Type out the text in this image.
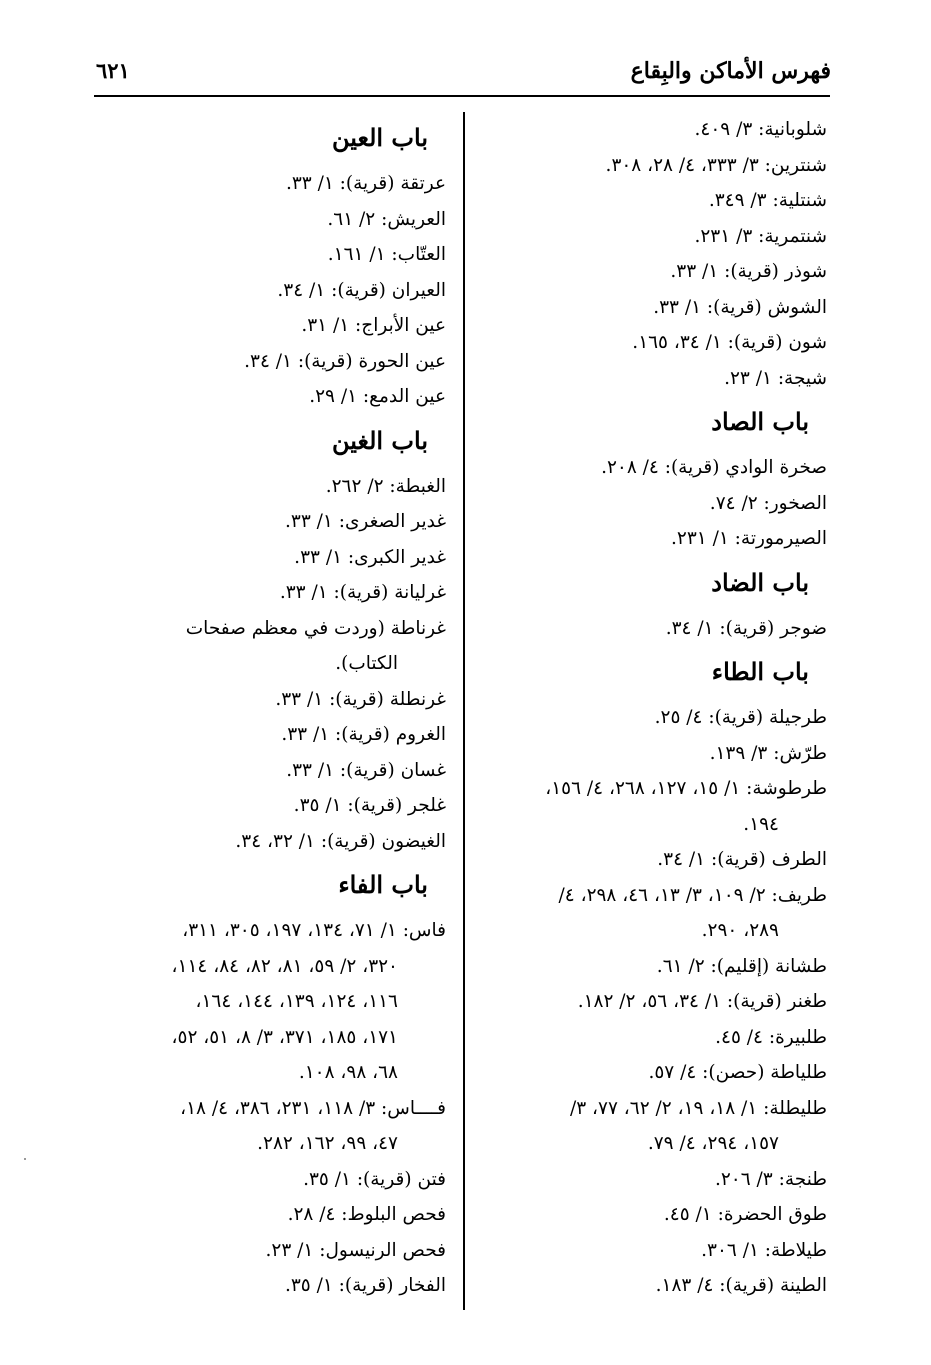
فهرس الأماكن والبِقاع
٦٢١
شلوبانية: ٣/ ٤٠٩.
شنترين: ٣/ ٣٣٣، ٤/ ٢٨، ٣٠٨.
شنتلية: ٣/ ٣٤٩.
شنتمرية: ٣/ ٢٣١.
شوذر (قرية): ١/ ٣٣.
الشوش (قرية): ١/ ٣٣.
شون (قرية): ١/ ٣٤، ١٦٥.
شيجة: ١/ ٢٣.
باب الصاد
صخرة الوادي (قرية): ٤/ ٢٠٨.
الصخور: ٢/ ٧٤.
الصيرمورتة: ١/ ٢٣١.
باب الضاد
ضوجر (قرية): ١/ ٣٤.
باب الطاء
طرجيلة (قرية): ٤/ ٢٥.
طرّش: ٣/ ١٣٩.
طرطوشة: ١/ ١٥، ١٢٧، ٢٦٨، ٤/ ١٥٦،
١٩٤.
الطرف (قرية): ١/ ٣٤.
طريف: ٢/ ١٠٩، ٣/ ١٣، ٤٦، ٢٩٨، ٤/
٢٨٩، ٢٩٠.
طشانة (إقليم): ٢/ ٦١.
طغنر (قرية): ١/ ٣٤، ٥٦، ٢/ ١٨٢.
طلبيرة: ٤/ ٤٥.
طلياطة (حصن): ٤/ ٥٧.
طليطلة: ١/ ١٨، ١٩، ٢/ ٦٢، ٧٧، ٣/
١٥٧، ٢٩٤، ٤/ ٧٩.
طنجة: ٣/ ٢٠٦.
طوق الحضرة: ١/ ٤٥.
طيلاطة: ١/ ٣٠٦.
الطينة (قرية): ٤/ ١٨٣.
باب العين
عرتقة (قرية): ١/ ٣٣.
العريش: ٢/ ٦١.
العتّاب: ١/ ١٦١.
العيران (قرية): ١/ ٣٤.
عين الأبراج: ١/ ٣١.
عين الحورة (قرية): ١/ ٣٤.
عين الدمع: ١/ ٢٩.
باب الغين
الغبطة: ٢/ ٢٦٢.
غدير الصغرى: ١/ ٣٣.
غدير الكبرى: ١/ ٣٣.
غرليانة (قرية): ١/ ٣٣.
غرناطة (وردت في معظم صفحات
الكتاب).
غرنطلة (قرية): ١/ ٣٣.
الغروم (قرية): ١/ ٣٣.
غسان (قرية): ١/ ٣٣.
غلجر (قرية): ١/ ٣٥.
الغيضون (قرية): ١/ ٣٢، ٣٤.
باب الفاء
فاس: ١/ ٧١، ١٣٤، ١٩٧، ٣٠٥، ٣١١،
٣٢٠، ٢/ ٥٩، ٨١، ٨٢، ٨٤، ١١٤،
١١٦، ١٢٤، ١٣٩، ١٤٤، ١٦٤،
١٧١، ١٨٥، ٣٧١، ٣/ ٨، ٥١، ٥٢،
٦٨، ٩٨، ١٠٨.
فــــاس: ٣/ ١١٨، ٢٣١، ٣٨٦، ٤/ ١٨،
٤٧، ٩٩، ١٦٢، ٢٨٢.
فتن (قرية): ١/ ٣٥.
فحص البلوط: ٤/ ٢٨.
فحص الرنيسول: ١/ ٢٣.
الفخار (قرية): ١/ ٣٥.
